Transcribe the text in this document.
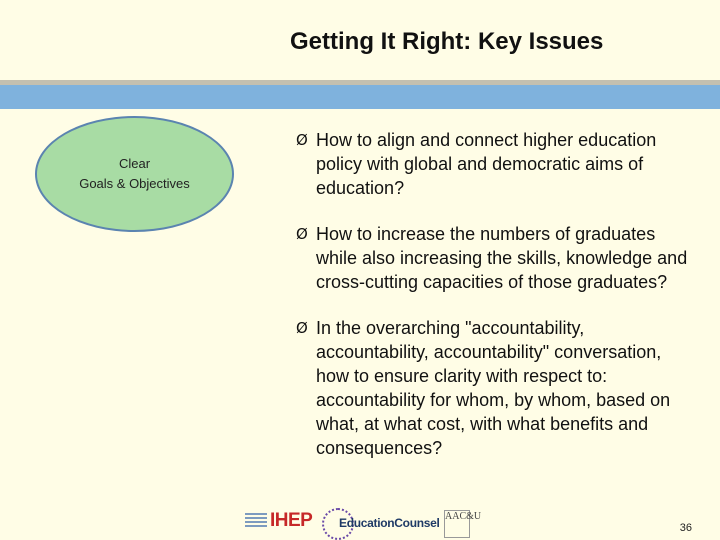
Getting It Right: Key Issues
Clear
Goals & Objectives
Ø How to align and connect higher education policy with global and democratic aims of education?
Ø How to increase the numbers of graduates while also increasing the skills, knowledge and cross-cutting capacities of those graduates?
Ø In the overarching "accountability, accountability, accountability" conversation, how to ensure clarity with respect to: accountability for whom, by whom, based on what, at what cost, with what benefits and consequences?
IHEP EducationCounsel AAC&U
36
